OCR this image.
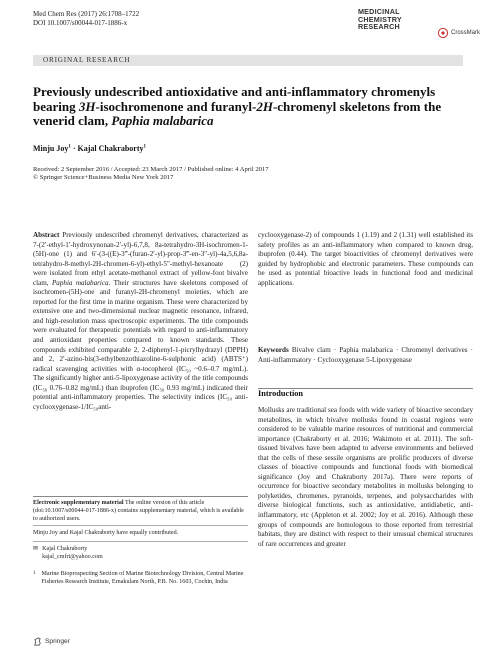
Med Chem Res (2017) 26:1708–1722
DOI 10.1007/s00044-017-1886-x
MEDICINAL
CHEMISTRY
RESEARCH
CrossMark
ORIGINAL RESEARCH
Previously undescribed antioxidative and anti-inflammatory chromenyls bearing 3H-isochromenone and furanyl-2H-chromenyl skeletons from the venerid clam, Paphia malabarica
Minju Joy$^1$ · Kajal Chakraborty$^1$
Received: 2 September 2016 / Accepted: 23 March 2017 / Published online: 4 April 2017
© Springer Science+Business Media New York 2017

Abstract Previously undescribed chromenyl derivatives, characterized as 7-(2′-ethyl-1′-hydroxynonan-2′-yl)-6,7,8, 8a-tetrahydro-3H-isochromen-1-(5H)-one (1) and 6′-(3-((E)-3‴-(furan-2′-yl)-prop-3‴-en-3″-yl)-4a,5,6,8a-tetrahydro-8-methyl-2H-chromen-6-yl)-ethyl-5″-methyl-hexanoate (2) were isolated from ethyl acetate-methanol extract of yellow-foot bivalve clam, Paphia malabarica. Their structures have skeletons composed of isochromen-(5H)-one and furanyl-2H-chromenyl moieties, which are reported for the first time in marine organism. These were characterized by extensive one and two-dimensional nuclear magnetic resonance, infrared, and high-resolution mass spectroscopic experiments. The title compounds were evaluated for therapeutic potentials with regard to anti-inflammatory and antioxidant properties compared to known standards. These compounds exhibited comparable 2, 2-diphenyl-1-picrylhydrazyl (DPPH) and 2, 2′-azino-bis(3-ethylbenzothiazoline-6-sulphonic acid) (ABTS⁺) radical scavenging activities with α-tocopherol (IC₅₀ ~0.6–0.7 mg/mL). The significantly higher anti-5-lipoxygenase activity of the title compounds (IC₅₀ 0.76–0.82 mg/mL) than ibuprofen (IC₅₀ 0.93 mg/mL) indicated their potential anti-inflammatory properties. The selectivity indices (IC₅₀ anti-cyclooxygenase-1/IC₅₀anti-

cyclooxygenase-2) of compounds 1 (1.19) and 2 (1.31) well established its safety profiles as an anti-inflammatory when compared to known drug, ibuprofen (0.44). The target bioactivities of chromenyl derivatives were guided by hydrophobic and electronic parameters. These compounds can be used as potential bioactive leads in functional food and medicinal applications.

Keywords Bivalve clam · Paphia malabarica · Chromenyl derivatives · Anti-inflammatory · Cyclooxygenase 5-Lipoxygenase
Introduction

Mollusks are traditional sea foods with wide variety of bioactive secondary metabolites, in which bivalve mollusks found in coastal regions were considered to be valuable marine resources of nutritional and commercial importance (Chakraborty et al. 2016; Wakimoto et al. 2011). The soft-tissued bivalves have been adapted to adverse environments and believed that the cells of these sessile organisms are prolific producers of diverse classes of bioactive compounds and functional foods with biomedical significance (Joy and Chakraborty 2017a). There were reports of occurrence for bioactive secondary metabolites in mollusks belonging to polyketides, chromenes, pyranoids, terpenes, and polysaccharides with diverse biological functions, such as antioxidative, antidiabetic, anti-inflammatory, etc (Appleton et al. 2002; Joy et al. 2016). Although these groups of compounds are homologous to those reported from terrestrial habitats, they are distinct with respect to their unusual chemical structures of rare occurrences and greater

Electronic supplementary material The online version of this article (doi:10.1007/s00044-017-1886-x) contains supplementary material, which is available to authorized users.
Minju Joy and Kajal Chakraborty have equally contributed.
✉ Kajal Chakraborty
kajal_cmfri@yahoo.com
1 Marine Bioprospecting Section of Marine Biotechnology Division, Central Marine Fisheries Research Institute, Ernakulam North, P.B. No. 1603, Cochin, India
Springer
